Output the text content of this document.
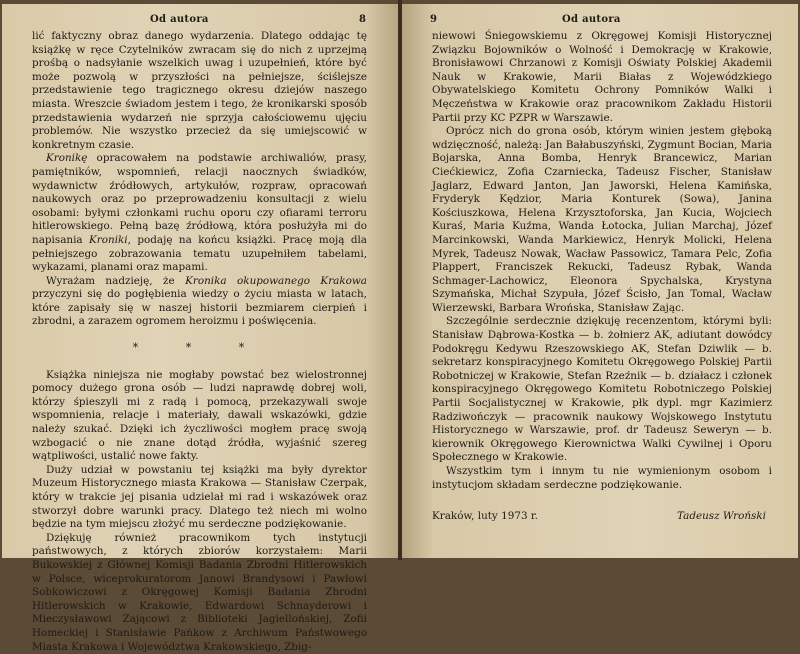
Od autora	8

lić faktyczny obraz danego wydarzenia. Dlatego oddając tę książkę w ręce Czytelników zwracam się do nich z uprzejmą prośbą o nadsyłanie wszelkich uwag i uzupełnień, które być może pozwolą w przyszłości na pełniejsze, ściślejsze przedstawienie tego tragicznego okresu dziejów naszego miasta. Wreszcie świadom jestem i tego, że kronikarski sposób przedstawienia wydarzeń nie sprzyja całościowemu ujęciu problemów. Nie wszystko przecież da się umiejscowić w konkretnym czasie.

Kronikę opracowałem na podstawie archiwaliów, prasy, pamiętników, wspomnień, relacji naocznych świadków, wydawnictw źródłowych, artykułów, rozpraw, opracowań naukowych oraz po przeprowadzeniu konsultacji z wielu osobami: byłymi członkami ruchu oporu czy ofiarami terroru hitlerowskiego. Pełną bazę źródłową, która posłużyła mi do napisania Kroniki, podaję na końcu książki. Pracę moją dla pełniejszego zobrazowania tematu uzupełniłem tabelami, wykazami, planami oraz mapami.

Wyrażam nadzieję, że Kronika okupowanego Krakowa przyczyni się do pogłębienia wiedzy o życiu miasta w latach, które zapisały się w naszej historii bezmiarem cierpień i zbrodni, a zarazem ogromem heroizmu i poświęcenia.

* * *

Książka niniejsza nie mogłaby powstać bez wielostronnej pomocy dużego grona osób — ludzi naprawdę dobrej woli, którzy śpieszyli mi z radą i pomocą, przekazywali swoje wspomnienia, relacje i materiały, dawali wskazówki, gdzie należy szukać. Dzięki ich życzliwości mogłem pracę swoją wzbogacić o nie znane dotąd źródła, wyjaśnić szereg wątpliwości, ustalić nowe fakty.

Duży udział w powstaniu tej książki ma były dyrektor Muzeum Historycznego miasta Krakowa — Stanisław Czerpak, który w trakcie jej pisania udzielał mi rad i wskazówek oraz stworzył dobre warunki pracy. Dlatego też niech mi wolno będzie na tym miejscu złożyć mu serdeczne podziękowanie.

Dziękuję również pracownikom tych instytucji państwowych, z których zbiorów korzystałem: Marii Bukowskiej z Głównej Komisji Badania Zbrodni Hitlerowskich w Polsce, wiceprokuratorom Janowi Brandysowi i Pawłowi Sobkowiczowi z Okręgowej Komisji Badania Zbrodni Hitlerowskich w Krakowie, Edwardowi Schnayderowi i Mieczysławowi Zającowi z Biblioteki Jagiellońskiej, Zofii Homeckiej i Stanisławie Pańkow z Archiwum Państwowego Miasta Krakowa i Województwa Krakowskiego, Zbig-

9	Od autora

niewowi Śniegowskiemu z Okręgowej Komisji Historycznej Związku Bojowników o Wolność i Demokrację w Krakowie, Bronisławowi Chrzanowi z Komisji Oświaty Polskiej Akademii Nauk w Krakowie, Marii Białas z Wojewódzkiego Obywatelskiego Komitetu Ochrony Pomników Walki i Męczeństwa w Krakowie oraz pracownikom Zakładu Historii Partii przy KC PZPR w Warszawie.

Oprócz nich do grona osób, którym winien jestem głęboką wdzięczność, należą: Jan Bałabuszyński, Zygmunt Bocian, Maria Bojarska, Anna Bomba, Henryk Brancewicz, Marian Ciećkiewicz, Zofia Czarniecka, Tadeusz Fischer, Stanisław Jaglarz, Edward Janton, Jan Jaworski, Helena Kamińska, Fryderyk Kędzior, Maria Konturek (Sowa), Janina Kościuszkowa, Helena Krzysztoforska, Jan Kucia, Wojciech Kuraś, Maria Kuźma, Wanda Łotocka, Julian Marchaj, Józef Marcinkowski, Wanda Markiewicz, Henryk Molicki, Helena Myrek, Tadeusz Nowak, Wacław Passowicz, Tamara Pelc, Zofia Plappert, Franciszek Rekucki, Tadeusz Rybak, Wanda Schmager-Lachowicz, Eleonora Spychalska, Krystyna Szymańska, Michał Szypuła, Józef Ścisło, Jan Tomal, Wacław Wierzewski, Barbara Wrońska, Stanisław Zając.

Szczególnie serdecznie dziękuję recenzentom, którymi byli: Stanisław Dąbrowa-Kostka — b. żołnierz AK, adiutant dowódcy Podokręgu Kedywu Rzeszowskiego AK, Stefan Dziwlik — b. sekretarz konspiracyjnego Komitetu Okręgowego Polskiej Partii Robotniczej w Krakowie, Stefan Rzeźnik — b. działacz i członek konspiracyjnego Okręgowego Komitetu Robotniczego Polskiej Partii Socjalistycznej w Krakowie, płk dypl. mgr Kazimierz Radziwończyk — pracownik naukowy Wojskowego Instytutu Historycznego w Warszawie, prof. dr Tadeusz Seweryn — b. kierownik Okręgowego Kierownictwa Walki Cywilnej i Oporu Społecznego w Krakowie.

Wszystkim tym i innym tu nie wymienionym osobom i instytucjom składam serdeczne podziękowanie.

Kraków, luty 1973 r.	Tadeusz Wroński
